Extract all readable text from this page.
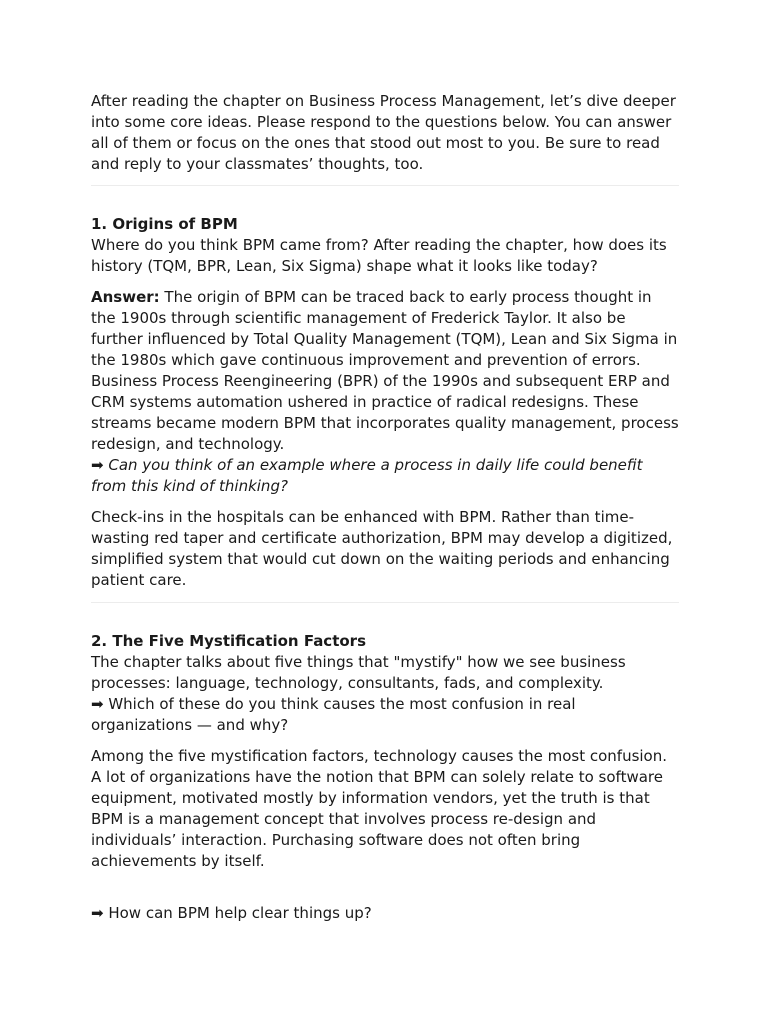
After reading the chapter on Business Process Management, let’s dive deeper into some core ideas. Please respond to the questions below. You can answer all of them or focus on the ones that stood out most to you. Be sure to read and reply to your classmates’ thoughts, too.

1. Origins of BPM

Where do you think BPM came from? After reading the chapter, how does its history (TQM, BPR, Lean, Six Sigma) shape what it looks like today?

Answer: The origin of BPM can be traced back to early process thought in the 1900s through scientific management of Frederick Taylor. It also be further influenced by Total Quality Management (TQM), Lean and Six Sigma in the 1980s which gave continuous improvement and prevention of errors. Business Process Reengineering (BPR) of the 1990s and subsequent ERP and CRM systems automation ushered in practice of radical redesigns. These streams became modern BPM that incorporates quality management, process redesign, and technology.

➡ Can you think of an example where a process in daily life could benefit from this kind of thinking?

Check-ins in the hospitals can be enhanced with BPM. Rather than time-wasting red taper and certificate authorization, BPM may develop a digitized, simplified system that would cut down on the waiting periods and enhancing patient care.

2. The Five Mystification Factors

The chapter talks about five things that "mystify" how we see business processes: language, technology, consultants, fads, and complexity.

➡ Which of these do you think causes the most confusion in real organizations — and why?

Among the five mystification factors, technology causes the most confusion. A lot of organizations have the notion that BPM can solely relate to software equipment, motivated mostly by information vendors, yet the truth is that BPM is a management concept that involves process re-design and individuals’ interaction. Purchasing software does not often bring achievements by itself.

➡ How can BPM help clear things up?
